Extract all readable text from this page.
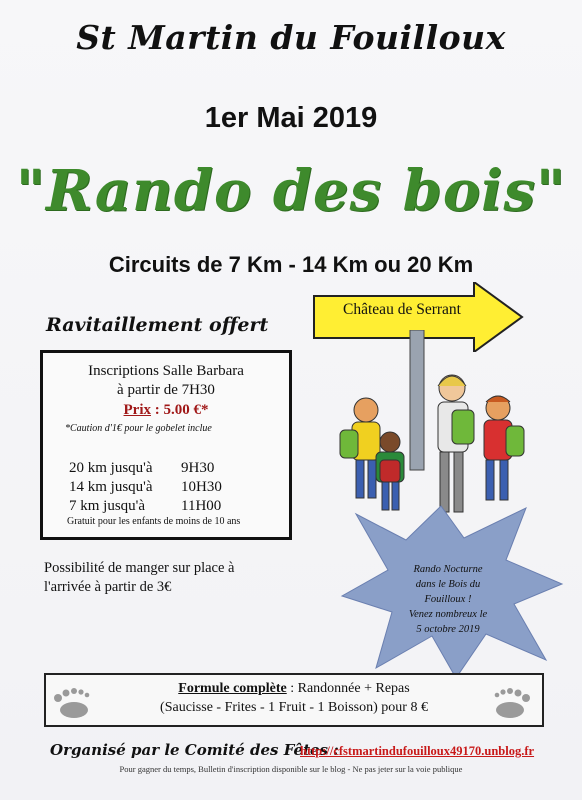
St Martin du Fouilloux
1er Mai 2019
"Rando des bois"
Circuits de 7 Km - 14 Km ou 20 Km
Château de Serrant
Ravitaillement offert
Inscriptions Salle Barbara
à partir de 7H30
Prix : 5.00 €*
*Caution d'1€ pour le gobelet inclue
20 km jusqu'à 9H30
14 km jusqu'à 10H30
7 km jusqu'à 11H00
Gratuit pour les enfants de moins de 10 ans
Rando Nocturne
dans le Bois du
Fouilloux !
Venez nombreux le
5 octobre 2019
Possibilité de manger sur place à
l'arrivée à partir de 3€
Formule complète : Randonnée + Repas
(Saucisse - Frites - 1 Fruit - 1 Boisson) pour 8 €
Organisé par le Comité des Fêtes :
http://cfstmartindufouilloux49170.unblog.fr
Pour gagner du temps, Bulletin d'inscription disponible sur le blog - Ne pas jeter sur la voie publique
